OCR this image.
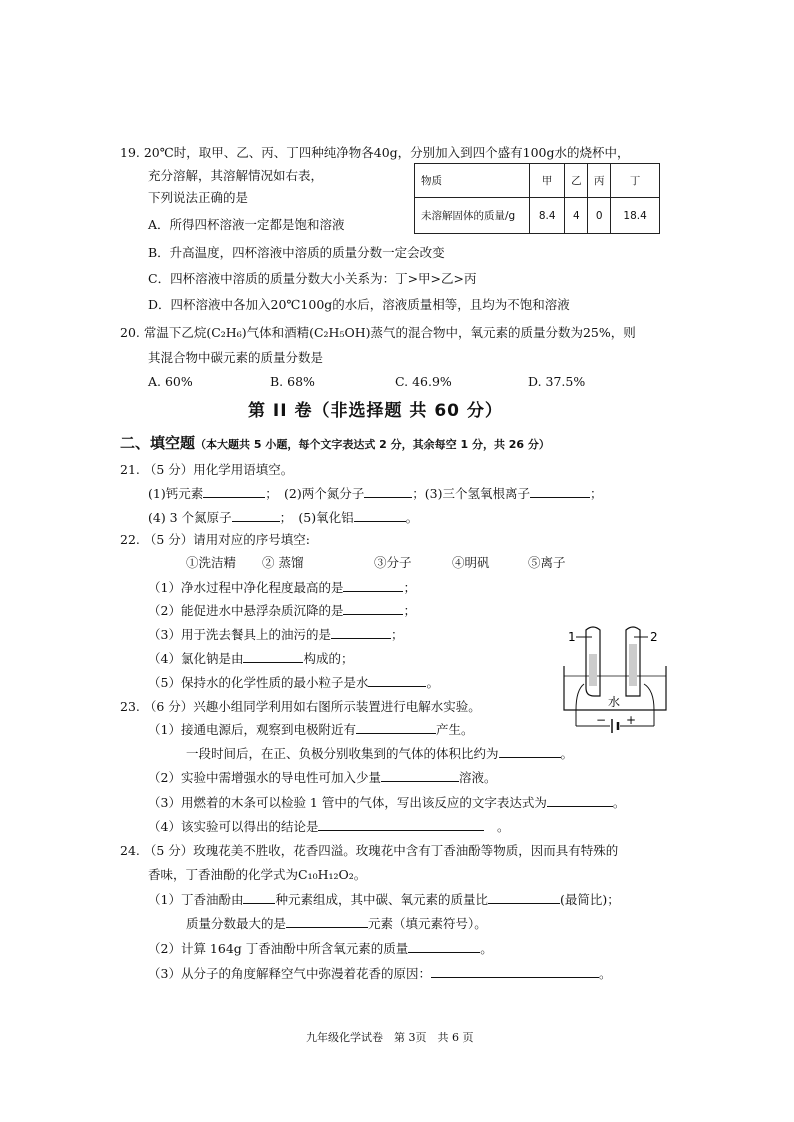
19. 20℃时，取甲、乙、丙、丁四种纯净物各40g，分别加入到四个盛有100g水的烧杯中，
充分溶解，其溶解情况如右表，
下列说法正确的是
物质	甲	乙	丙	丁
未溶解固体的质量/g	8.4	4	0	18.4
A．所得四杯溶液一定都是饱和溶液
B．升高温度，四杯溶液中溶质的质量分数一定会改变
C．四杯溶液中溶质的质量分数大小关系为：丁>甲>乙>丙
D．四杯溶液中各加入20℃100g的水后，溶液质量相等，且均为不饱和溶液
20. 常温下乙烷(C₂H₆)气体和酒精(C₂H₅OH)蒸气的混合物中，氧元素的质量分数为25%，则
其混合物中碳元素的质量分数是
A. 60%	B. 68%	C. 46.9%	D. 37.5%
第 II 卷（非选择题 共 60 分）
二、填空题（本大题共 5 小题，每个文字表达式 2 分，其余每空 1 分，共 26 分）
21. （5 分）用化学用语填空。
(1)钙元素	；　 (2)两个氮分子	；(3)三个氢氧根离子	；
(4) 3 个氮原子	；　 (5)氧化铝	。
22. （5 分）请用对应的序号填空:
①洗洁精 ② 蒸馏	③分子	④明矾	⑤离子
（1）净水过程中净化程度最高的是	；
（2）能促进水中悬浮杂质沉降的是	；
（3）用于洗去餐具上的油污的是	；
（4）氯化钠是由	构成的；
（5）保持水的化学性质的最小粒子是水	。
1	2
水
− +
23. （6 分）兴趣小组同学利用如右图所示装置进行电解水实验。
（1）接通电源后，观察到电极附近有	产生。
一段时间后，在正、负极分别收集到的气体的体积比约为	。
（2）实验中需增强水的导电性可加入少量	溶液。
（3）用燃着的木条可以检验 1 管中的气体，写出该反应的文字表达式为	。
（4）该实验可以得出的结论是　	。
24. （5 分）玫瑰花美不胜收，花香四溢。玫瑰花中含有丁香油酚等物质，因而具有特殊的
香味，丁香油酚的化学式为C₁₀H₁₂O₂。
（1）丁香油酚由	种元素组成，其中碳、氧元素的质量比	(最简比)；
质量分数最大的是	元素（填元素符号）。
（2）计算 164g 丁香油酚中所含氧元素的质量	。
（3）从分子的角度解释空气中弥漫着花香的原因：	。
九年级化学试卷　第 3页　共 6 页
